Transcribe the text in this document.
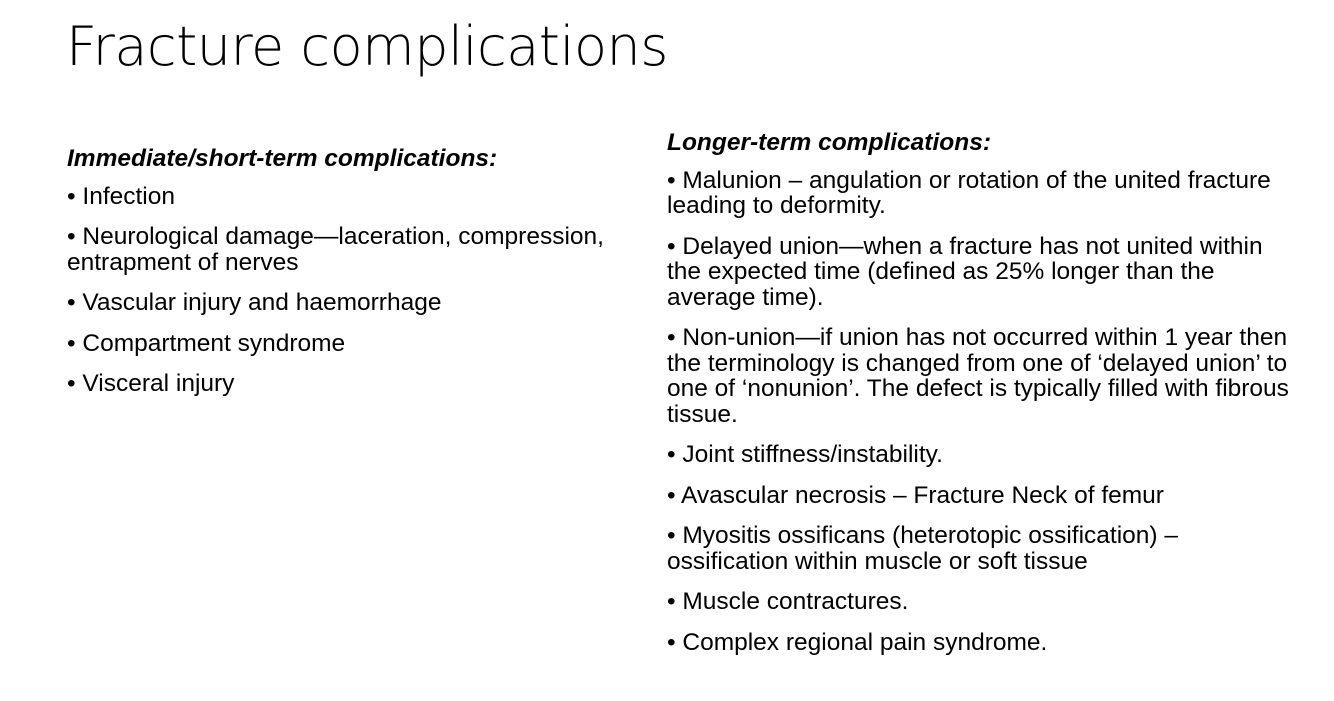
Fracture complications
Immediate/short-term complications:
• Infection
• Neurological damage—laceration, compression, entrapment of nerves
• Vascular injury and haemorrhage
• Compartment syndrome
• Visceral injury
Longer-term complications:
• Malunion – angulation or rotation of the united fracture leading to deformity.
• Delayed union—when a fracture has not united within the expected time (defined as 25% longer than the average time).
• Non-union—if union has not occurred within 1 year then the terminology is changed from one of ‘delayed union’ to one of ‘nonunion’. The defect is typically filled with fibrous tissue.
• Joint stiffness/instability.
• Avascular necrosis – Fracture Neck of femur
• Myositis ossificans (heterotopic ossification) – ossification within muscle or soft tissue
• Muscle contractures.
• Complex regional pain syndrome.
